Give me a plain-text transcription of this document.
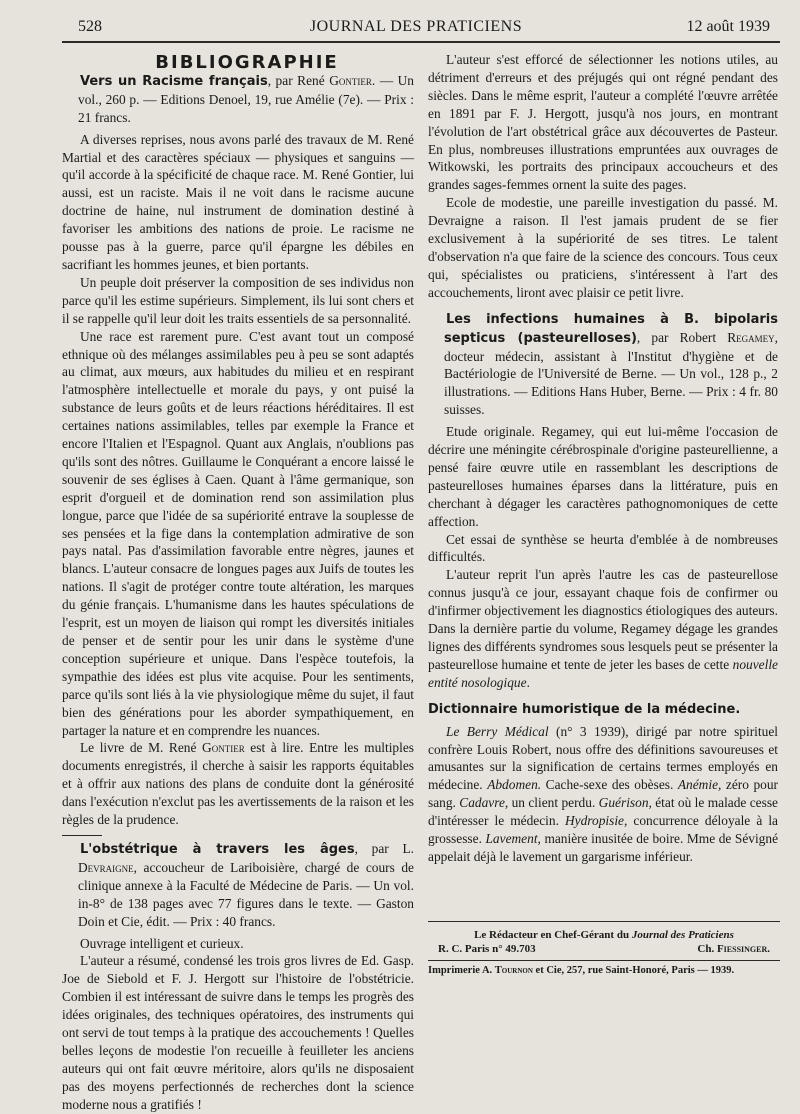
528	JOURNAL DES PRATICIENS	12 août 1939

BIBLIOGRAPHIE

Vers un Racisme français, par René Gontier. — Un vol., 260 p. — Editions Denoel, 19, rue Amélie (7e). — Prix : 21 francs.

A diverses reprises, nous avons parlé des travaux de M. René Martial et des caractères spéciaux — physiques et sanguins — qu'il accorde à la spécificité de chaque race. M. René Gontier, lui aussi, est un raciste. Mais il ne voit dans le racisme aucune doctrine de haine, nul instrument de domination destiné à favoriser les ambitions des nations de proie. Le racisme ne pousse pas à la guerre, parce qu'il épargne les débiles en sacrifiant les hommes jeunes, et bien portants.

Un peuple doit préserver la composition de ses individus non parce qu'il les estime supérieurs. Simplement, ils lui sont chers et il se rappelle qu'il leur doit les traits essentiels de sa personnalité.

Une race est rarement pure. C'est avant tout un composé ethnique où des mélanges assimilables peu à peu se sont adaptés au climat, aux mœurs, aux habitudes du milieu et en respirant l'atmosphère intellectuelle et morale du pays, y ont puisé la substance de leurs goûts et de leurs réactions héréditaires. Il est certaines nations assimilables, telles par exemple la France et encore l'Italien et l'Espagnol. Quant aux Anglais, n'oublions pas qu'ils sont des nôtres. Guillaume le Conquérant a encore laissé le souvenir de ses églises à Caen. Quant à l'âme germanique, son esprit d'orgueil et de domination rend son assimilation plus longue, parce que l'idée de sa supériorité entrave la souplesse de ses pensées et la fige dans la contemplation admirative de son pays natal. Pas d'assimilation favorable entre nègres, jaunes et blancs. L'auteur consacre de longues pages aux Juifs de toutes les nations. Il s'agit de protéger contre toute altération, les marques du génie français. L'humanisme dans les hautes spéculations de l'esprit, est un moyen de liaison qui rompt les diversités initiales de penser et de sentir pour les unir dans le système d'une conception supérieure et unique. Dans l'espèce toutefois, la sympathie des idées est plus vite acquise. Pour les sentiments, parce qu'ils sont liés à la vie physiologique même du sujet, il faut bien des générations pour les aborder sympathiquement, en partager la nature et en comprendre les nuances.

Le livre de M. René Gontier est à lire. Entre les multiples documents enregistrés, il cherche à saisir les rapports équitables et à offrir aux nations des plans de conduite dont la générosité dans l'exécution n'exclut pas les avertissements de la raison et les règles de la prudence.

L'obstétrique à travers les âges, par L. Devraigne, accoucheur de Lariboisière, chargé de cours de clinique annexe à la Faculté de Médecine de Paris. — Un vol. in-8° de 138 pages avec 77 figures dans le texte. — Gaston Doin et Cie, édit. — Prix : 40 francs.

Ouvrage intelligent et curieux.

L'auteur a résumé, condensé les trois gros livres de Ed. Gasp. Joe de Siebold et F. J. Hergott sur l'histoire de l'obstétricie. Combien il est intéressant de suivre dans le temps les progrès des idées originales, des techniques opératoires, des instruments qui ont servi de tout temps à la pratique des accouchements ! Quelles belles leçons de modestie l'on recueille à feuilleter les anciens auteurs qui ont fait œuvre méritoire, alors qu'ils ne disposaient pas des moyens perfectionnés de recherches dont la science moderne nous a gratifiés !

L'auteur s'est efforcé de sélectionner les notions utiles, au détriment d'erreurs et des préjugés qui ont régné pendant des siècles. Dans le même esprit, l'auteur a complété l'œuvre arrêtée en 1891 par F. J. Hergott, jusqu'à nos jours, en montrant l'évolution de l'art obstétrical grâce aux découvertes de Pasteur. En plus, nombreuses illustrations empruntées aux ouvrages de Witkowski, les portraits des principaux accoucheurs et des grandes sages-femmes ornent la suite des pages.

Ecole de modestie, une pareille investigation du passé. M. Devraigne a raison. Il l'est jamais prudent de se fier exclusivement à la supériorité de ses titres. Le talent d'observation n'a que faire de la science des concours. Tous ceux qui, spécialistes ou praticiens, s'intéressent à l'art des accouchements, liront avec plaisir ce petit livre.

Les infections humaines à B. bipolaris septicus (pasteurelloses), par Robert Regamey, docteur médecin, assistant à l'Institut d'hygiène et de Bactériologie de l'Université de Berne. — Un vol., 128 p., 2 illustrations. — Editions Hans Huber, Berne. — Prix : 4 fr. 80 suisses.

Etude originale. Regamey, qui eut lui-même l'occasion de décrire une méningite cérébrospinale d'origine pasteurellienne, a pensé faire œuvre utile en rassemblant les descriptions de pasteurelloses humaines éparses dans la littérature, puis en cherchant à dégager les caractères pathognomoniques de cette affection.

Cet essai de synthèse se heurta d'emblée à de nombreuses difficultés.

L'auteur reprit l'un après l'autre les cas de pasteurellose connus jusqu'à ce jour, essayant chaque fois de confirmer ou d'infirmer objectivement les diagnostics étiologiques des auteurs. Dans la dernière partie du volume, Regamey dégage les grandes lignes des différents syndromes sous lesquels peut se présenter la pasteurellose humaine et tente de jeter les bases de cette nouvelle entité nosologique.

Dictionnaire humoristique de la médecine.

Le Berry Médical (n° 3 1939), dirigé par notre spirituel confrère Louis Robert, nous offre des définitions savoureuses et amusantes sur la signification de certains termes employés en médecine. Abdomen. Cache-sexe des obèses. Anémie, zéro pour sang. Cadavre, un client perdu. Guérison, état où le malade cesse d'intéresser le médecin. Hydropisie, concurrence déloyale à la grossesse. Lavement, manière inusitée de boire. Mme de Sévigné appelait déjà le lavement un gargarisme inférieur.

Le Rédacteur en Chef-Gérant du Journal des Praticiens
R. C. Paris n° 49.703	Ch. Fiessinger.
Imprimerie A. Tournon et Cie, 257, rue Saint-Honoré, Paris — 1939.
